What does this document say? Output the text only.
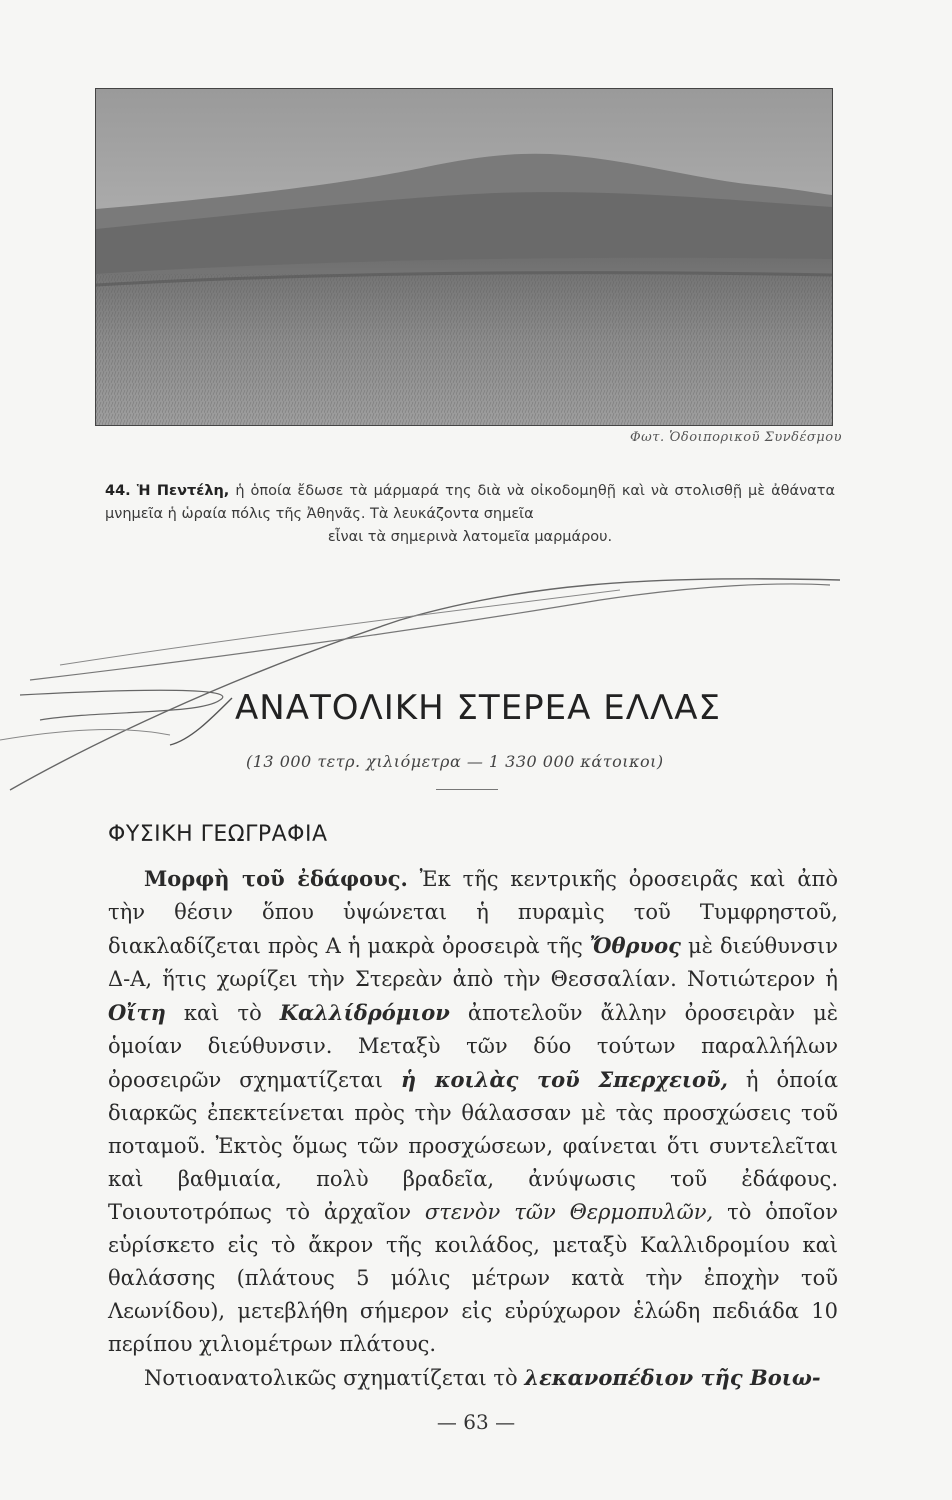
Φωτ. Ὁδοιπορικοῦ Συνδέσμου
44. Ἡ Πεντέλη, ἡ ὁποία ἔδωσε τὰ μάρμαρά της διὰ νὰ οἰκοδομηθῇ καὶ νὰ στολισθῇ μὲ ἀθάνατα μνημεῖα ἡ ὡραία πόλις τῆς Ἀθηνᾶς. Τὰ λευκάζοντα σημεῖα
εἶναι τὰ σημερινὰ λατομεῖα μαρμάρου.
ΑΝΑΤΟΛΙΚΗ ΣΤΕΡΕΑ ΕΛΛΑΣ
(13 000 τετρ. χιλιόμετρα — 1 330 000 κάτοικοι)
ΦΥΣΙΚΗ ΓΕΩΓΡΑΦΙΑ

Μορφὴ τοῦ ἐδάφους. Ἐκ τῆς κεντρικῆς ὀροσειρᾶς καὶ ἀπὸ τὴν θέσιν ὅπου ὑψώνεται ἡ πυραμὶς τοῦ Τυμφρηστοῦ, διακλαδίζεται πρὸς Α ἡ μακρὰ ὀροσειρὰ τῆς Ὄθρυος μὲ διεύθυνσιν Δ-Α, ἥτις χωρίζει τὴν Στερεὰν ἀπὸ τὴν Θεσσαλίαν. Νοτιώτερον ἡ Οἴτη καὶ τὸ Καλλίδρόμιον ἀποτελοῦν ἄλλην ὀροσειρὰν μὲ ὁμοίαν διεύθυνσιν. Μεταξὺ τῶν δύο τούτων παραλλήλων ὀροσειρῶν σχηματίζεται ἡ κοιλὰς τοῦ Σπερχειοῦ, ἡ ὁποία διαρκῶς ἐπεκτείνεται πρὸς τὴν θάλασσαν μὲ τὰς προσχώσεις τοῦ ποταμοῦ. Ἐκτὸς ὅμως τῶν προσχώσεων, φαίνεται ὅτι συντελεῖται καὶ βαθμιαία, πολὺ βραδεῖα, ἀνύψωσις τοῦ ἐδάφους. Τοιουτοτρόπως τὸ ἀρχαῖον στενὸν τῶν Θερμοπυλῶν, τὸ ὁποῖον εὑρίσκετο εἰς τὸ ἄκρον τῆς κοιλάδος, μεταξὺ Καλλιδρομίου καὶ θαλάσσης (πλάτους 5 μόλις μέτρων κατὰ τὴν ἐποχὴν τοῦ Λεωνίδου), μετεβλήθη σήμερον εἰς εὐρύχωρον ἑλώδη πεδιάδα 10 περίπου χιλιομέτρων πλάτους.

Νοτιοανατολικῶς σχηματίζεται τὸ λεκανοπέδιον τῆς Βοιω-

— 63 —
